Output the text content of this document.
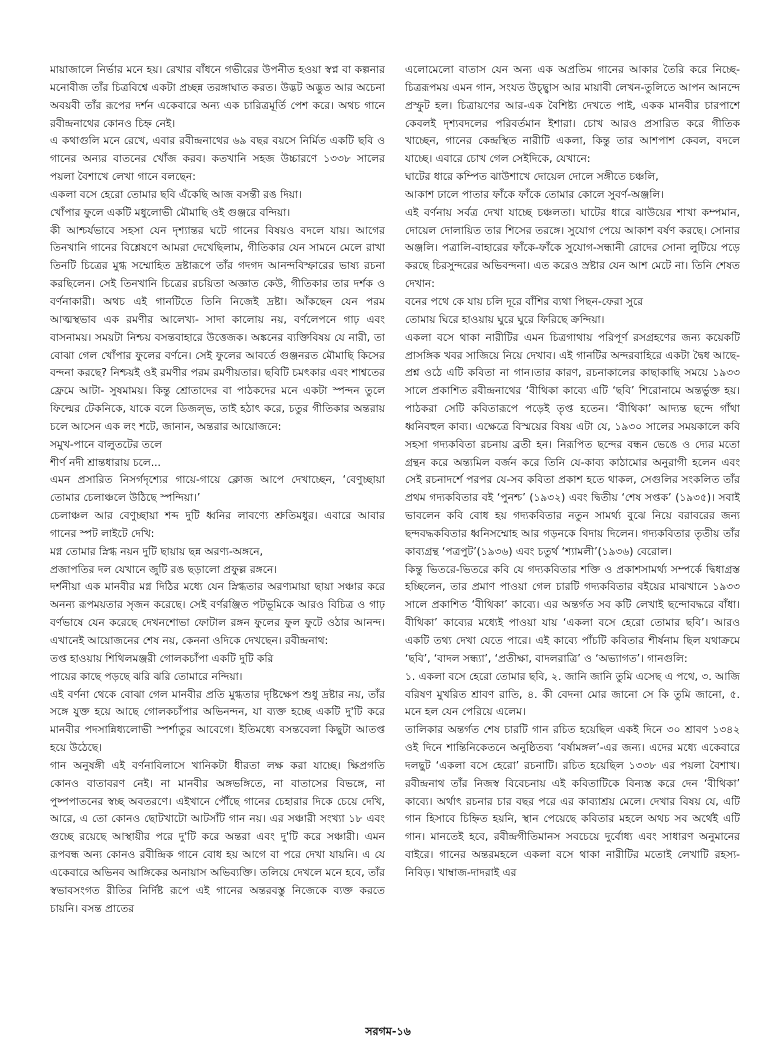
মায়াজালে নির্ভার মনে হয়। রেখার বাঁধনে গভীরের উপনীত হওয়া স্বপ্ন বা কল্পনার মনোবীজ তাঁর চিত্রবিশ্বে একটা প্রচ্ছন্ন তরঙ্গাঘাত করত। উদ্ভট অদ্ভুত আর অচেনা অবয়বী তাঁর রূপের দর্শন একেবারে অন্য এক চারিত্রমূর্তি পেশ করে। অথচ গানে রবীন্দ্রনাথের কোনও চিহ্ন নেই।

এ কথাগুলি মনে রেখে, এবার রবীন্দ্রনাথের ৬৯ বছর বয়সে নির্মিত একটি ছবি ও গানের অন্যর বাতনের খোঁজ করব। কতখানি সহজ উচ্চারণে ১৩৩৮ সালের পয়লা বৈশাখে লেখা গানে বলছেন:

একলা বসে হেরো তোমার ছবি এঁকেছি আজ বসন্তী রঙ দিয়া।

খোঁপার ফুলে একটি মধুলোভী মৌমাছি ওই গুঞ্জরে বন্দিয়া।

কী আশ্চর্যভাবে সহসা যেন দৃশ্যান্তর ঘটে গানের বিষয়ও বদলে যায়। আগের তিনখানি গানের বিশ্লেষণে আমরা দেখেছিলাম, গীতিকার যেন সামনে মেলে রাখা তিনটি চিত্রের মুগ্ধ সম্মোহিত দ্রষ্টারূপে তাঁর গদগদ আনন্দবিস্ফারের ভাষ্য রচনা করছিলেন। সেই তিনখানি চিত্রের রচয়িতা অজ্ঞাত কেউ, গীতিকার তার দর্শক ও বর্ণনাকারী। অথচ এই গানটিতে তিনি নিজেই দ্রষ্টা। আঁকছেন যেন পরম আত্মস্থভাব এক রমণীর আলেখ্য- সাদা কালোয় নয়, বর্ণলেপনে গাঢ় এবং বাসনাময়। সময়টা নিশ্চয় বসন্তবাহারে উত্তেজক। অঙ্কনের ব্যক্তিবিষয় যে নারী, তা বোঝা গেল খোঁপার ফুলের বর্ণনে। সেই ফুলের আবর্তে গুঞ্জনরত মৌমাছি কিসের বন্দনা করছে? নিশ্চয়ই ওই রমণীর পরম রমণীয়তার। ছবিটি চমৎকার এবং শাশ্বতের ফ্রেমে আটা- সুষমাময়। কিন্তু শ্রোতাদের বা পাঠকদের মনে একটা স্পন্দন তুলে ফিল্মের টেকনিকে, যাকে বলে ডিজল্ভ, তাই হঠাৎ করে, চতুর গীতিকার অন্তরায় চলে আসেন এক লং শটে, জানান, অন্তরার আয়োজনে:

সমুখ-পানে বালুতটের তলে

শীর্ণ নদী শ্রান্তধারায় চলে...

এমন প্রসারিত নিসর্গদৃশ্যের গায়ে-গায়ে ক্লোজ আপে দেখাচ্ছেন, ‘বেণুচ্ছায়া তোমার চেলাঞ্চলে উঠিছে স্পন্দিয়া।’

চেলাঞ্চল আর বেণুচ্ছায়া শব্দ দুটি ধ্বনির লাবণ্যে শ্রুতিমধুর। এবারে আবার গানের স্পট লাইটে দেখি:

মগ্ন তোমার স্নিগ্ধ নয়ন দুটি ছায়ায় ছন্ন অরণ্য-অঙ্গনে,

প্রজাপতির দল যেখানে জুটি রঙ ছড়ালো প্রফুল্ল রঙ্গনে।

দর্শনীয়া এক মানবীর মগ্ন দিঠির মধ্যে যেন স্নিগ্ধতার অরণ্যমায়া ছায়া সঞ্চার করে অনন্য রূপময়তার সৃজন করেছে। সেই বর্ণরঞ্জিত পটভূমিকে আরও বিচিত্র ও গাঢ় বর্ণভাষে যেন করেছে দেখনশোভা ফোটাল রঙ্গন ফুলের ফুল ফুটে ওঠার আনন্দ। এখানেই আয়োজনের শেষ নয়, কেননা ওদিকে দেখছেন। রবীন্দ্রনাথ:

তপ্ত হাওয়ায় শিথিলমঞ্জরী গোলকচাঁপা একটি দুটি করি

পায়ের কাছে পড়ছে ঝরি ঝরি তোমারে নন্দিয়া।

এই বর্ণনা থেকে বোঝা গেল মানবীর প্রতি মুগ্ধতার দৃষ্টিক্ষেপ শুধু দ্রষ্টার নয়, তাঁর সঙ্গে যুক্ত হয়ে আছে গোলকচাঁপার অভিনন্দন, যা ব্যক্ত হচ্ছে একটি দু'টি করে মানবীর পদসান্নিধ্যলোভী স্পর্শাতুর আবেগে। ইতিমধ্যে বসন্তবেলা কিছুটা আতপ্ত হয়ে উঠেছে।

গান অনুষঙ্গী এই বর্ণনাবিলাসে খানিকটা ধীরতা লক্ষ করা যাচ্ছে। ক্ষিপ্রগতি কোনও বাতাবরণ নেই। না মানবীর অঙ্গভঙ্গিতে, না বাতাসের বিভঙ্গে, না পুষ্পপাতনের স্বচ্ছ অবতরণে। এইখানে পৌঁছে গানের চেহারার দিকে চেয়ে দেখি, আরে, এ তো কোনও ছোটখাটো আটসাঁট গান নয়। এর সঞ্চারী সংখ্যা ১৮ এবং গুচ্ছে রয়েছে আস্থায়ীর পরে দু'টি করে অন্তরা এবং দু'টি করে সঞ্চারী। এমন রূপবন্ধ অন্য কোনও রবীন্দ্রিক গানে বোধ হয় আগে বা পরে দেখা যায়নি। এ যে একেবারে অভিনব আঙ্গিকের অনায়াস অভিব্যক্তি। তলিয়ে দেখলে মনে হবে, তাঁর স্বভাবসংগত রীতির নির্দিষ্ট রূপে এই গানের অন্তরবস্তু নিজেকে ব্যক্ত করতে চায়নি। বসন্ত প্রাতের

এলোমেলো বাতাস যেন অন্য এক অপ্রতিম গানের আকার তৈরি করে নিচ্ছে- চিত্ররূপময় এমন গান, সংযত উচ্ছ্বাস আর মায়াবী লেখন-তুলিতে আপন আনন্দে প্রস্ফুট হল। চিত্রায়ণের আর-এক বৈশিষ্ট্য দেখতে পাই, একক মানবীর চারপাশে কেবলই দৃশ্যবদলের পরিবর্তমান ইশারা। চোখ আরও প্রসারিত করে গীতিক খাচ্ছেন, গানের কেন্দ্রস্থিত নারীটি একলা, কিন্তু তার আশপাশ কেবল, বদলে যাচ্ছে। এবারে চোখ গেল সেইদিকে, যেখানে:

ঘাটের ধারে কম্পিত ঝাউশাখে দোয়েল দোলে সঙ্গীতে চঞ্চলি,

আকাশ ঢালে পাতার ফাঁকে ফাঁকে তোমার কোলে সুবর্ণ-অঞ্জলি।

এই বর্ণনায় সর্বত্র দেখা যাচ্ছে চঞ্চলতা। ঘাটের ধারে ঝাউয়ের শাখা কম্পমান, দোয়েল দোলায়িত তার শিসের তরঙ্গে। সুযোগ পেয়ে আকাশ বর্ষণ করছে। সোনার অঞ্জলি। পত্রালি-বাহারের ফাঁকে-ফাঁকে সুযোগ-সন্ধানী রোদের সোনা লুটিয়ে পড়ে করছে চিরসুন্দরের অভিবন্দনা। এত করেও স্রষ্টার যেন আশ মেটে না। তিনি শেষত দেখান:

বনের পথে কে যায় চলি দূরে বাঁশির ব্যথা পিছন-ফেরা সুরে

তোমায় ঘিরে হাওয়ায় ঘুরে ঘুরে ফিরিছে ক্রন্দিয়া।

একলা বসে থাকা নারীটির এমন চিত্রগাথায় পরিপূর্ণ রসগ্রহণের জন্য কয়েকটি প্রাসঙ্গিক খবর সাজিয়ে নিয়ে দেখাব। এই গানটির অন্দরবাহিরে একটা দ্বৈধ আছে- প্রশ্ন ওঠে এটি কবিতা না গান।তার কারণ, রচনাকালের কাছাকাছি সময়ে ১৯৩৩ সালে প্রকাশিত রবীন্দ্রনাথের ‘বীথিকা কাব্যে এটি ‘ছবি’ শিরোনামে অন্তর্ভুক্ত হয়। পাঠকরা সেটি কবিতারূপে পড়েই তৃপ্ত হতেন। ‘বীথিকা’ আদ্যন্ত ছন্দে গাঁথা ধ্বনিবহুল কাব্য। এক্ষেত্রে বিস্ময়ের বিষয় এটা যে, ১৯৩০ সালের সময়কালে কবি সহসা গদ্যকবিতা রচনায় ব্রতী হন। নিরূপিত ছন্দের বন্ধন ভেঙে ও দ্যের মতো গ্রন্থন করে অন্ত্যমিল বর্জন করে তিনি যে-কাব্য কাঠামোর অনুরাগী হলেন এবং সেই রচনাদর্শে পরপর যে-সব কবিতা প্রকাশ হতে থাকল, সেগুলির সংকলিত তাঁর প্রথম গদ্যকবিতার বই ‘পুনশ্চ’ (১৯৩২) এবং দ্বিতীয় ‘শেষ সপ্তক’ (১৯৩৫)। সবাই ভাবলেন কবি বোধ হয় গদ্যকবিতার নতুন সামর্থ্য বুঝে নিয়ে বরাবরের জন্য ছন্দবদ্ধকবিতার ধ্বনিসম্মোহ আর গড়নকে বিদায় দিলেন। গদ্যকবিতার তৃতীয় তাঁর কাব্যগ্রন্থ ‘পত্রপুট’(১৯৩৬) এবং চতুর্থ ‘শ্যামলী’(১৯৩৬) বেরোল।

কিন্তু ভিতরে-ভিতরে কবি যে গদ্যকবিতার শক্তি ও প্রকাশসামর্থ্য সম্পর্কে দ্বিধাগ্রস্ত হচ্ছিলেন, তার প্রমাণ পাওয়া গেল চারটি গদ্যকবিতার বইয়ের মাঝখানে ১৯৩৩ সালে প্রকাশিত ‘বীথিকা’ কাব্যে। এর অন্তর্গত সব কটি লেখাই ছন্দোবদ্ধরে বাঁধা। বীথিকা’ কাব্যের মধ্যেই পাওয়া যায় ‘একলা বসে হেরো তোমার ছবি’। আরও একটি তথ্য দেখা যেতে পারে। এই কাব্যে পাঁচটি কবিতার শীর্ষনাম ছিল যথাক্রমে ‘ছবি’, ‘বাদল সন্ধ্যা’, ‘প্রতীক্ষা, বাদলরাত্রি’ ও ‘অভ্যাগত’। গানগুলি:

১. একলা বসে হেরো তোমার ছবি, ২. জানি জানি তুমি এসেছ এ পথে, ৩. আজি বরিষণ মুখরিত শ্রাবণ রাতি, ৪. কী বেদনা মোর জানো সে কি তুমি জানো, ৫. মনে হল যেন পেরিয়ে এলেম।

তালিকার অন্তর্গত শেষ চারটি গান রচিত হয়েছিল একই দিনে ৩০ শ্রাবণ ১৩৪২ ওই দিনে শান্তিনিকেতনে অনুষ্ঠিতব্য ‘বর্ষামঙ্গল’-এর জন্য। এদের মধ্যে একেবারে দলছুট ‘একলা বসে হেরো’ রচনাটি। রচিত হয়েছিল ১৩৩৮ এর পয়লা বৈশাখ। রবীন্দ্রনাথ তাঁর নিজস্ব বিবেচনায় এই কবিতাটিকে বিন্যস্ত করে দেন ‘বীথিকা’ কাব্যে। অর্থাৎ রচনার চার বছর পরে এর কাব্যাশ্রয় মেলে। দেখার বিষয় যে, এটি গান হিসাবে চিহ্নিত হয়নি, স্থান পেয়েছে কবিতার মহলে অথচ সব অর্থেই এটি গান। মানতেই হবে, রবীন্দ্রগীতিমানস সবচেয়ে দুর্বোধ্য এবং সাধারণ অনুমানের বাইরে। গানের অন্তরমহলে একলা বসে থাকা নারীটির মতোই লেখাটি রহস্য-নিবিড়। খাম্বাজ-দাদরাই এর

সরগম-১৬
